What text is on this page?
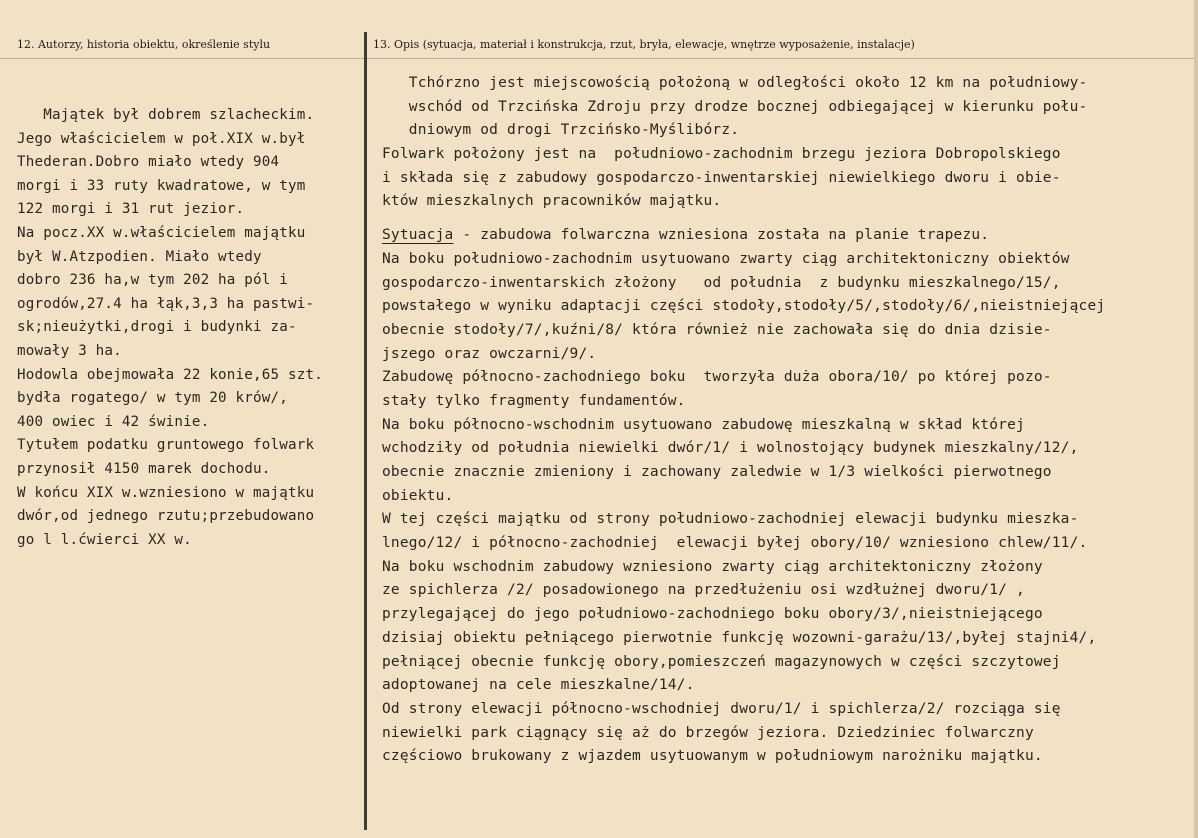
12. Autorzy, historia obiektu, określenie stylu	13. Opis (sytuacja, materiał i konstrukcja, rzut, bryła, elewacje, wnętrze wyposażenie, instalacje)
Majątek był dobrem szlacheckim.
Jego właścicielem w poł.XIX w.był
Thederan.Dobro miało wtedy 904
morgi i 33 ruty kwadratowe, w tym
122 morgi i 31 rut jezior.
Na pocz.XX w.właścicielem majątku
był W.Atzpodien. Miało wtedy
dobro 236 ha,w tym 202 ha pól i
ogrodów,27.4 ha łąk,3,3 ha pastwi-
sk;nieużytki,drogi i budynki za-
mowały 3 ha.
Hodowla obejmowała 22 konie,65 szt.
bydła rogatego/ w tym 20 krów/,
400 owiec i 42 świnie.
Tytułem podatku gruntowego folwark
przynosił 4150 marek dochodu.
W końcu XIX w.wzniesiono w majątku
dwór,od jednego rzutu;przebudowano
go l l.ćwierci XX w.
Tchórzno jest miejscowością położoną w odległości około 12 km na południowy-
wschód od Trzcińska Zdroju przy drodze bocznej odbiegającej w kierunku połu-
dniowym od drogi Trzcińsko-Myślibórz.
Folwark położony jest na  południowo-zachodnim brzegu jeziora Dobropolskiego
i składa się z zabudowy gospodarczo-inwentarskiej niewielkiego dworu i obie-
któw mieszkalnych pracowników majątku.
Sytuacja - zabudowa folwarczna wzniesiona została na planie trapezu.
Na boku południowo-zachodnim usytuowano zwarty ciąg architektoniczny obiektów
gospodarczo-inwentarskich złożony   od południa  z budynku mieszkalnego/15/,
powstałego w wyniku adaptacji części stodoły,stodoły/5/,stodoły/6/,nieistniejącej
obecnie stodoły/7/,kuźni/8/ która również nie zachowała się do dnia dzisie-
jszego oraz owczarni/9/.
Zabudowę północno-zachodniego boku  tworzyła duża obora/10/ po której pozo-
stały tylko fragmenty fundamentów.
Na boku północno-wschodnim usytuowano zabudowę mieszkalną w skład której
wchodziły od południa niewielki dwór/1/ i wolnostojący budynek mieszkalny/12/,
obecnie znacznie zmieniony i zachowany zaledwie w 1/3 wielkości pierwotnego
obiektu.
W tej części majątku od strony południowo-zachodniej elewacji budynku mieszka-
lnego/12/ i północno-zachodniej  elewacji byłej obory/10/ wzniesiono chlew/11/.
Na boku wschodnim zabudowy wzniesiono zwarty ciąg architektoniczny złożony
ze spichlerza /2/ posadowionego na przedłużeniu osi wzdłużnej dworu/1/ ,
przylegającej do jego południowo-zachodniego boku obory/3/,nieistniejącego
dzisiaj obiektu pełniącego pierwotnie funkcję wozowni-garażu/13/,byłej stajni4/,
pełniącej obecnie funkcję obory,pomieszczeń magazynowych w części szczytowej
adoptowanej na cele mieszkalne/14/.
Od strony elewacji północno-wschodniej dworu/1/ i spichlerza/2/ rozciąga się
niewielki park ciągnący się aż do brzegów jeziora. Dziedziniec folwarczny
częściowo brukowany z wjazdem usytuowanym w południowym narożniku majątku.
